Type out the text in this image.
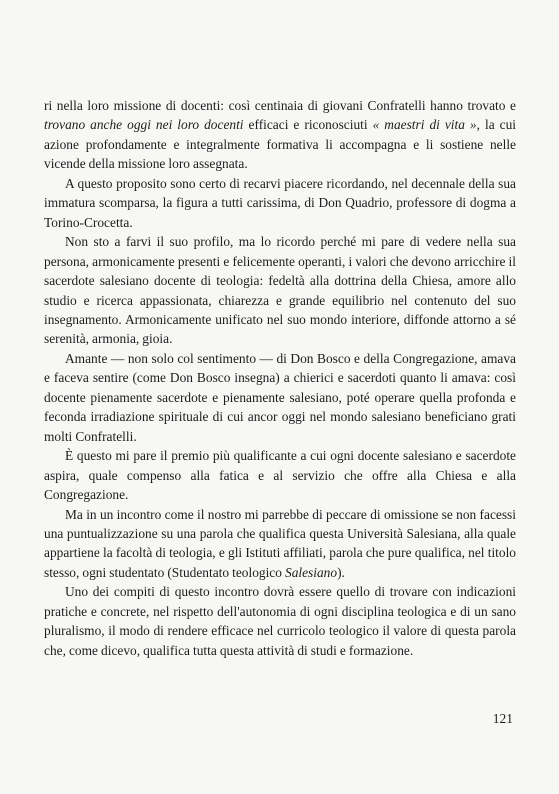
ri nella loro missione di docenti: così centinaia di giovani Confratelli hanno trovato e trovano anche oggi nei loro docenti efficaci e riconosciuti « maestri di vita », la cui azione profondamente e integralmente formativa li accompagna e li sostiene nelle vicende della missione loro assegnata.

A questo proposito sono certo di recarvi piacere ricordando, nel decennale della sua immatura scomparsa, la figura a tutti carissima, di Don Quadrio, professore di dogma a Torino-Crocetta.

Non sto a farvi il suo profilo, ma lo ricordo perché mi pare di vedere nella sua persona, armonicamente presenti e felicemente operanti, i valori che devono arricchire il sacerdote salesiano docente di teologia: fedeltà alla dottrina della Chiesa, amore allo studio e ricerca appassionata, chiarezza e grande equilibrio nel contenuto del suo insegnamento. Armonicamente unificato nel suo mondo interiore, diffonde attorno a sé serenità, armonia, gioia.

Amante — non solo col sentimento — di Don Bosco e della Congregazione, amava e faceva sentire (come Don Bosco insegna) a chierici e sacerdoti quanto li amava: così docente pienamente sacerdote e pienamente salesiano, poté operare quella profonda e feconda irradiazione spirituale di cui ancor oggi nel mondo salesiano beneficiano grati molti Confratelli.

È questo mi pare il premio più qualificante a cui ogni docente salesiano e sacerdote aspira, quale compenso alla fatica e al servizio che offre alla Chiesa e alla Congregazione.

Ma in un incontro come il nostro mi parrebbe di peccare di omissione se non facessi una puntualizzazione su una parola che qualifica questa Università Salesiana, alla quale appartiene la facoltà di teologia, e gli Istituti affiliati, parola che pure qualifica, nel titolo stesso, ogni studentato (Studentato teologico Salesiano).

Uno dei compiti di questo incontro dovrà essere quello di trovare con indicazioni pratiche e concrete, nel rispetto dell'autonomia di ogni disciplina teologica e di un sano pluralismo, il modo di rendere efficace nel curricolo teologico il valore di questa parola che, come dicevo, qualifica tutta questa attività di studi e formazione.

121
